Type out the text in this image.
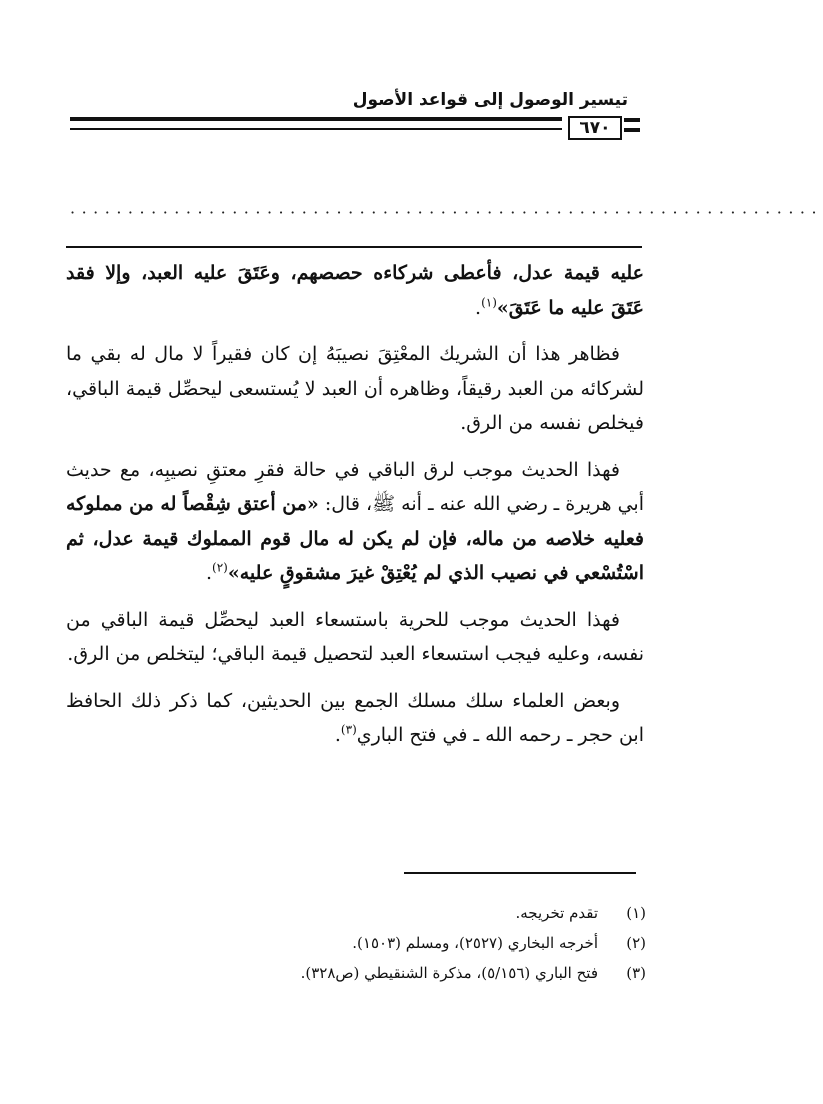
تيسير الوصول إلى قواعد الأصول
٦٧٠
·································································

عليه قيمة عدل، فأعطى شركاءه حصصهم، وعَتَقَ عليه العبد، وإلا فقد عَتَقَ عليه ما عَتَقَ»$^{(١)}$.

فظاهر هذا أن الشريك المعْتِقَ نصيبَهُ إن كان فقيراً لا مال له بقي ما لشركائه من العبد رقيقاً، وظاهره أن العبد لا يُستسعى ليحصِّل قيمة الباقي، فيخلص نفسه من الرق.

فهذا الحديث موجب لرق الباقي في حالة فقرِ معتقِ نصيبِه، مع حديث أبي هريرة ـ رضي الله عنه ـ أنه ﷺ، قال: «من أعتق شِقْصاً له من مملوكه فعليه خلاصه من ماله، فإن لم يكن له مال قوم المملوك قيمة عدل، ثم اسْتُسْعي في نصيب الذي لم يُعْتِقْ غيرَ مشقوقٍ عليه»$^{(٢)}$.

فهذا الحديث موجب للحرية باستسعاء العبد ليحصِّل قيمة الباقي من نفسه، وعليه فيجب استسعاء العبد لتحصيل قيمة الباقي؛ ليتخلص من الرق.

وبعض العلماء سلك مسلك الجمع بين الحديثين، كما ذكر ذلك الحافظ ابن حجر ـ رحمه الله ـ في فتح الباري$^{(٣)}$.

(١)تقدم تخريجه.
(٢)أخرجه البخاري (٢٥٢٧)، ومسلم (١٥٠٣).
(٣)فتح الباري (٥/١٥٦)، مذكرة الشنقيطي (ص٣٢٨).
